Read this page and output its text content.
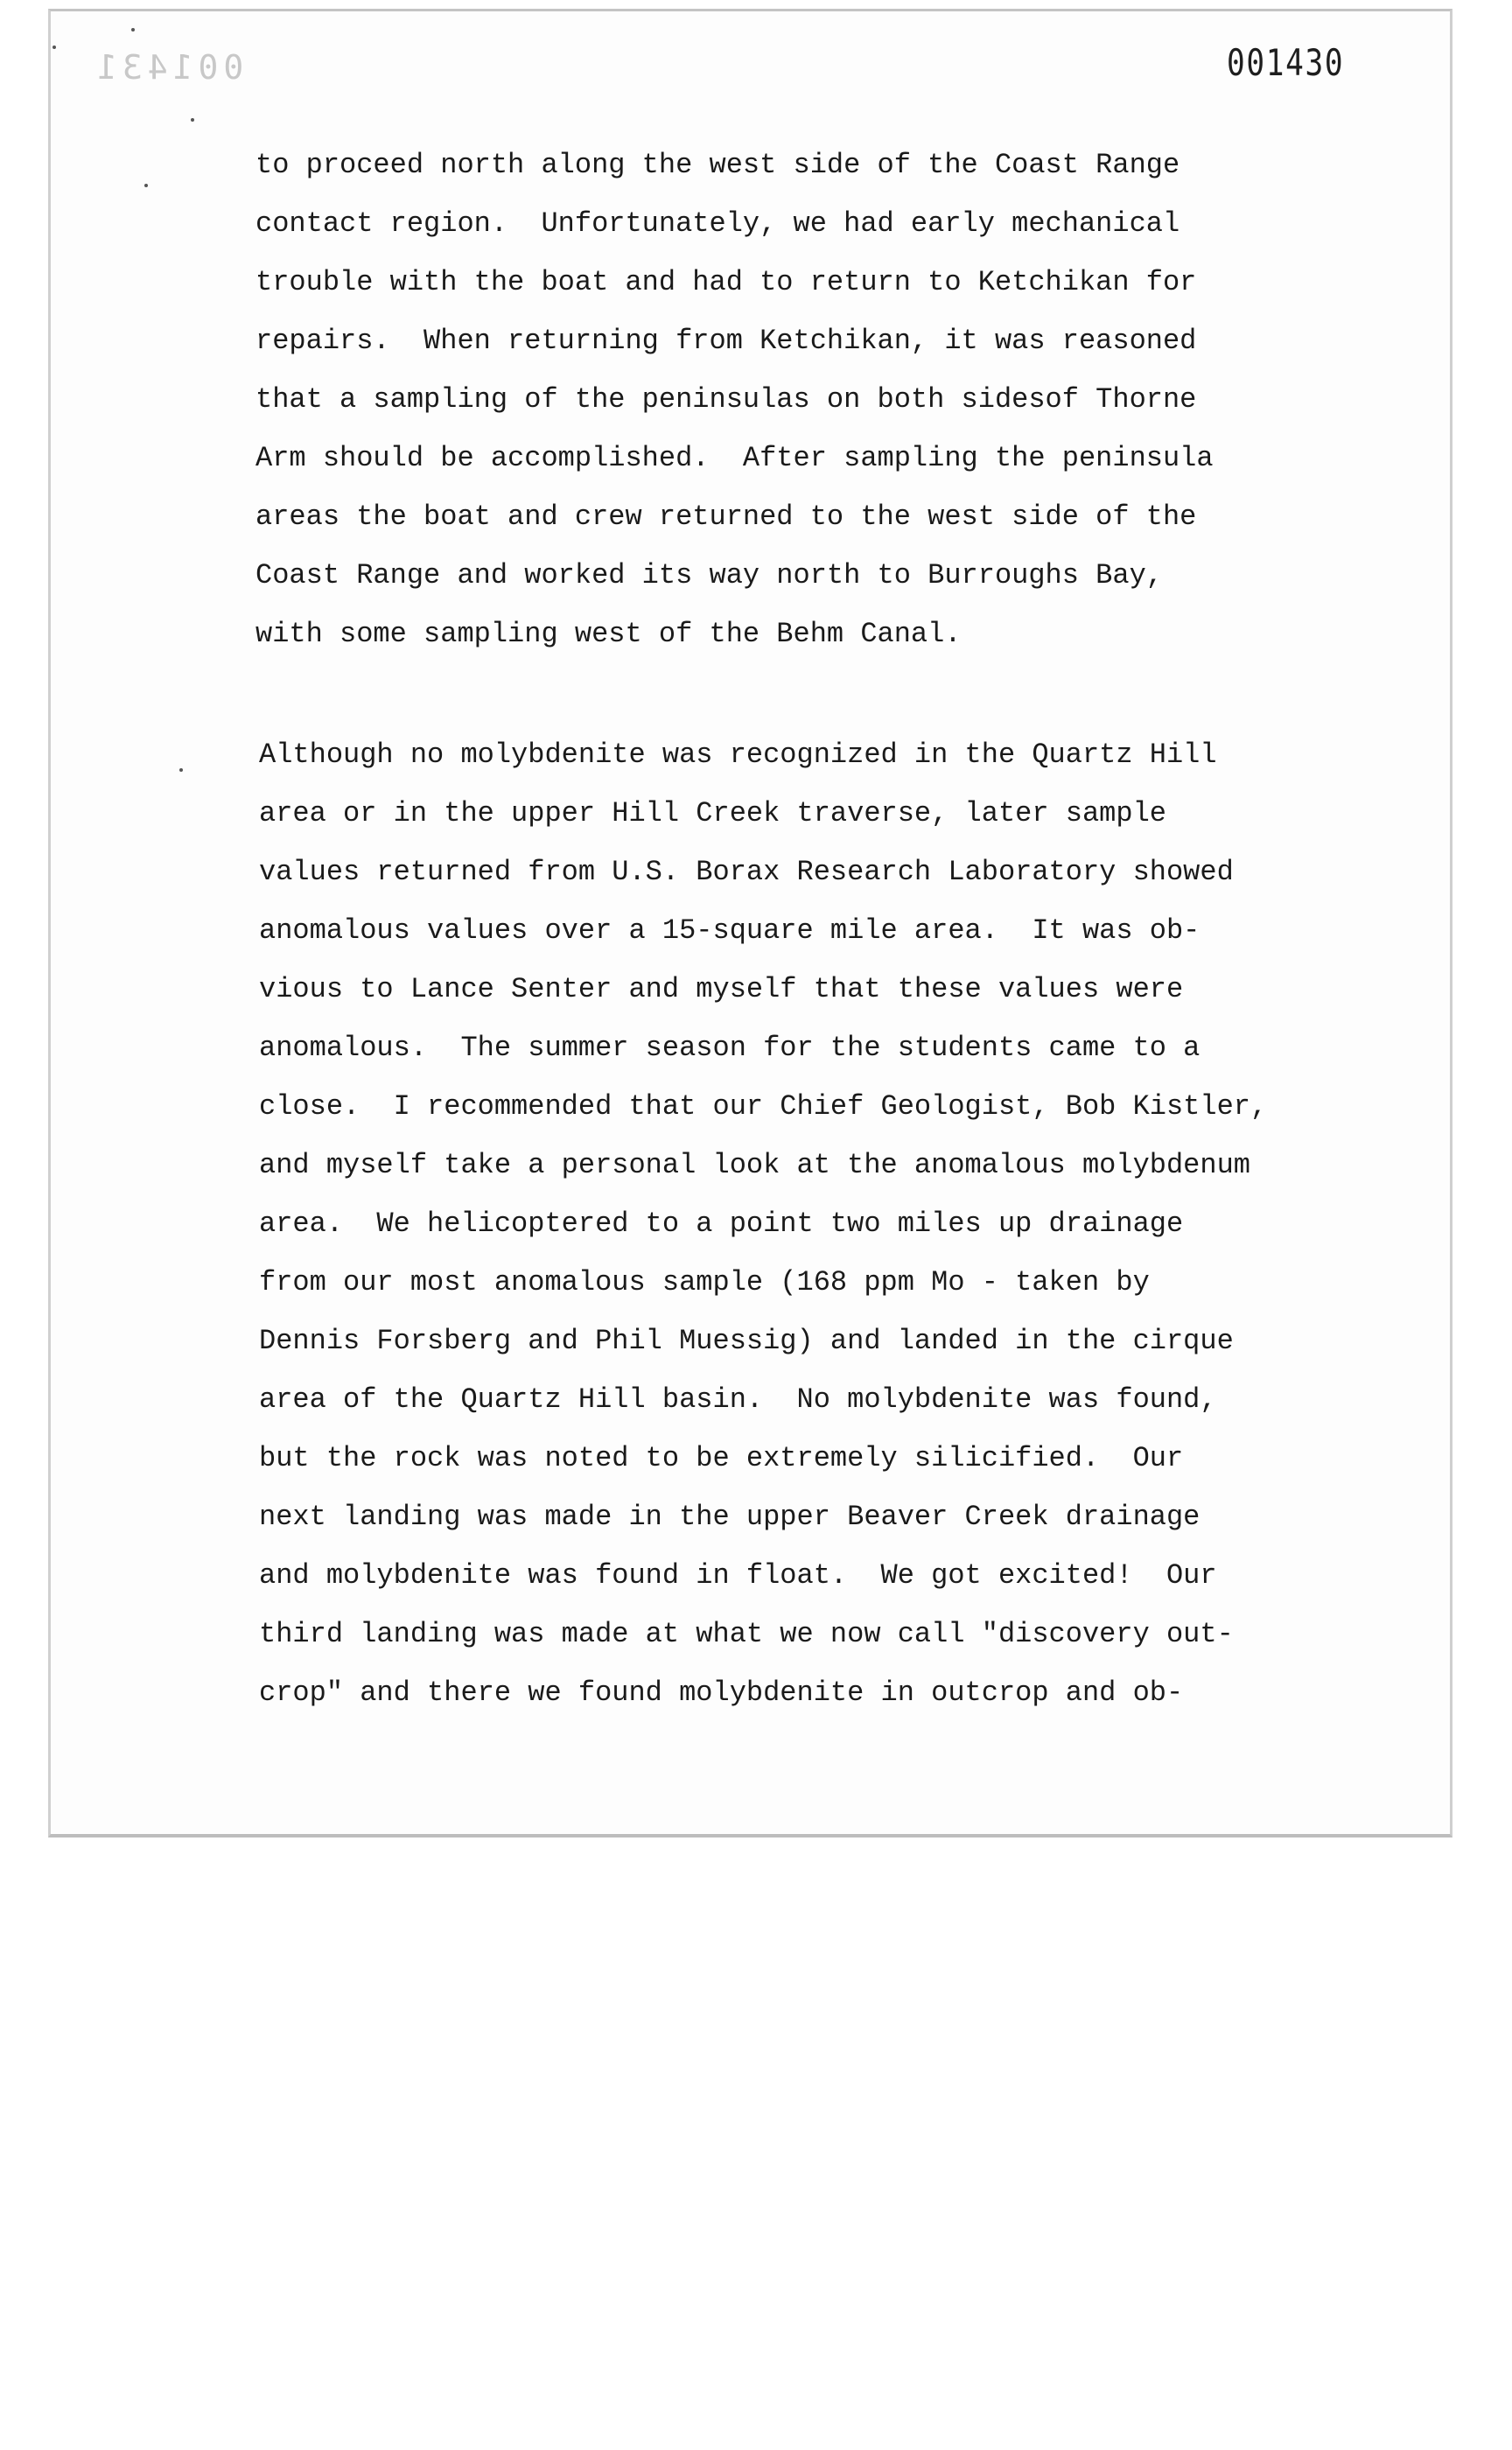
001431	001430
to proceed north along the west side of the Coast Range
contact region.  Unfortunately, we had early mechanical
trouble with the boat and had to return to Ketchikan for
repairs.  When returning from Ketchikan, it was reasoned
that a sampling of the peninsulas on both sidesof Thorne
Arm should be accomplished.  After sampling the peninsula
areas the boat and crew returned to the west side of the
Coast Range and worked its way north to Burroughs Bay,
with some sampling west of the Behm Canal.
Although no molybdenite was recognized in the Quartz Hill
area or in the upper Hill Creek traverse, later sample
values returned from U.S. Borax Research Laboratory showed
anomalous values over a 15-square mile area.  It was ob-
vious to Lance Senter and myself that these values were
anomalous.  The summer season for the students came to a
close.  I recommended that our Chief Geologist, Bob Kistler,
and myself take a personal look at the anomalous molybdenum
area.  We helicoptered to a point two miles up drainage
from our most anomalous sample (168 ppm Mo - taken by
Dennis Forsberg and Phil Muessig) and landed in the cirque
area of the Quartz Hill basin.  No molybdenite was found,
but the rock was noted to be extremely silicified.  Our
next landing was made in the upper Beaver Creek drainage
and molybdenite was found in float.  We got excited!  Our
third landing was made at what we now call "discovery out-
crop" and there we found molybdenite in outcrop and ob-
